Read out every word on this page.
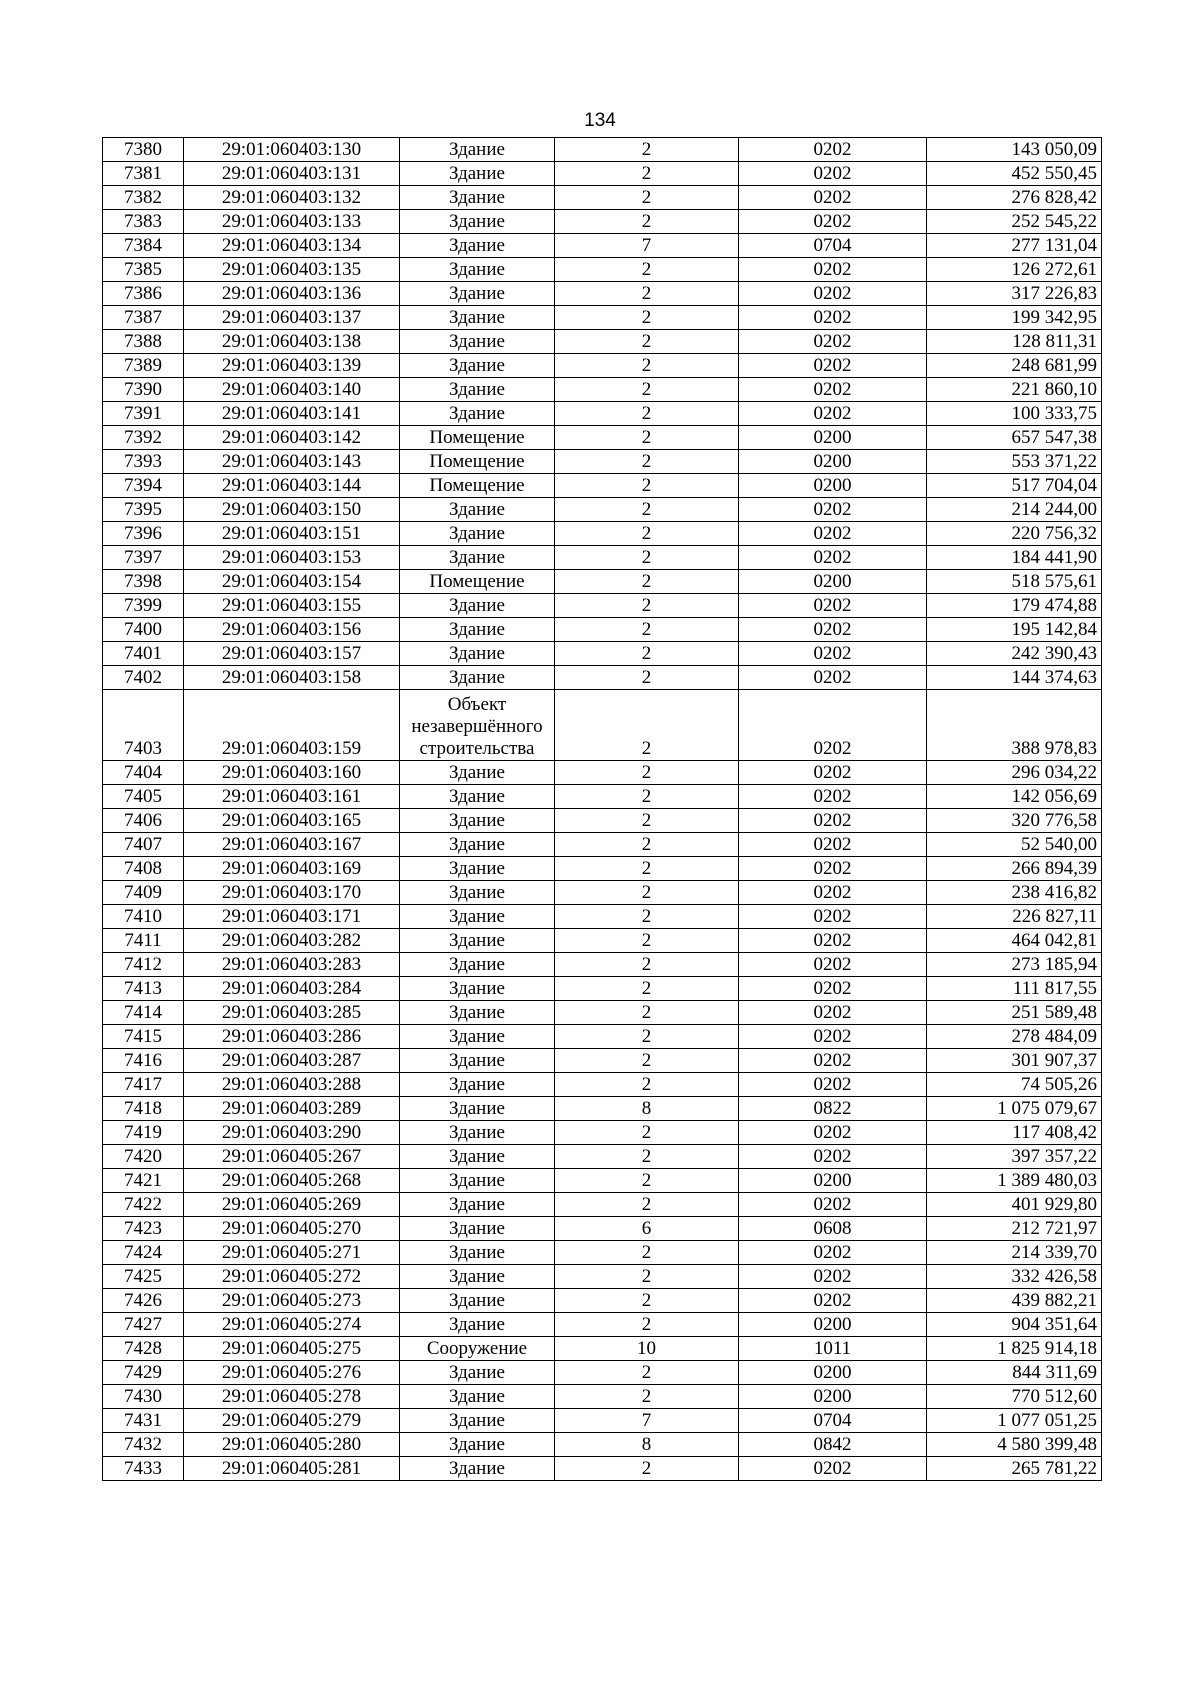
134
7380	29:01:060403:130	Здание	2	0202	143 050,09
7381	29:01:060403:131	Здание	2	0202	452 550,45
7382	29:01:060403:132	Здание	2	0202	276 828,42
7383	29:01:060403:133	Здание	2	0202	252 545,22
7384	29:01:060403:134	Здание	7	0704	277 131,04
7385	29:01:060403:135	Здание	2	0202	126 272,61
7386	29:01:060403:136	Здание	2	0202	317 226,83
7387	29:01:060403:137	Здание	2	0202	199 342,95
7388	29:01:060403:138	Здание	2	0202	128 811,31
7389	29:01:060403:139	Здание	2	0202	248 681,99
7390	29:01:060403:140	Здание	2	0202	221 860,10
7391	29:01:060403:141	Здание	2	0202	100 333,75
7392	29:01:060403:142	Помещение	2	0200	657 547,38
7393	29:01:060403:143	Помещение	2	0200	553 371,22
7394	29:01:060403:144	Помещение	2	0200	517 704,04
7395	29:01:060403:150	Здание	2	0202	214 244,00
7396	29:01:060403:151	Здание	2	0202	220 756,32
7397	29:01:060403:153	Здание	2	0202	184 441,90
7398	29:01:060403:154	Помещение	2	0200	518 575,61
7399	29:01:060403:155	Здание	2	0202	179 474,88
7400	29:01:060403:156	Здание	2	0202	195 142,84
7401	29:01:060403:157	Здание	2	0202	242 390,43
7402	29:01:060403:158	Здание	2	0202	144 374,63
7403	29:01:060403:159	Объект незавершённого строительства	2	0202	388 978,83
7404	29:01:060403:160	Здание	2	0202	296 034,22
7405	29:01:060403:161	Здание	2	0202	142 056,69
7406	29:01:060403:165	Здание	2	0202	320 776,58
7407	29:01:060403:167	Здание	2	0202	52 540,00
7408	29:01:060403:169	Здание	2	0202	266 894,39
7409	29:01:060403:170	Здание	2	0202	238 416,82
7410	29:01:060403:171	Здание	2	0202	226 827,11
7411	29:01:060403:282	Здание	2	0202	464 042,81
7412	29:01:060403:283	Здание	2	0202	273 185,94
7413	29:01:060403:284	Здание	2	0202	111 817,55
7414	29:01:060403:285	Здание	2	0202	251 589,48
7415	29:01:060403:286	Здание	2	0202	278 484,09
7416	29:01:060403:287	Здание	2	0202	301 907,37
7417	29:01:060403:288	Здание	2	0202	74 505,26
7418	29:01:060403:289	Здание	8	0822	1 075 079,67
7419	29:01:060403:290	Здание	2	0202	117 408,42
7420	29:01:060405:267	Здание	2	0202	397 357,22
7421	29:01:060405:268	Здание	2	0200	1 389 480,03
7422	29:01:060405:269	Здание	2	0202	401 929,80
7423	29:01:060405:270	Здание	6	0608	212 721,97
7424	29:01:060405:271	Здание	2	0202	214 339,70
7425	29:01:060405:272	Здание	2	0202	332 426,58
7426	29:01:060405:273	Здание	2	0202	439 882,21
7427	29:01:060405:274	Здание	2	0200	904 351,64
7428	29:01:060405:275	Сооружение	10	1011	1 825 914,18
7429	29:01:060405:276	Здание	2	0200	844 311,69
7430	29:01:060405:278	Здание	2	0200	770 512,60
7431	29:01:060405:279	Здание	7	0704	1 077 051,25
7432	29:01:060405:280	Здание	8	0842	4 580 399,48
7433	29:01:060405:281	Здание	2	0202	265 781,22
